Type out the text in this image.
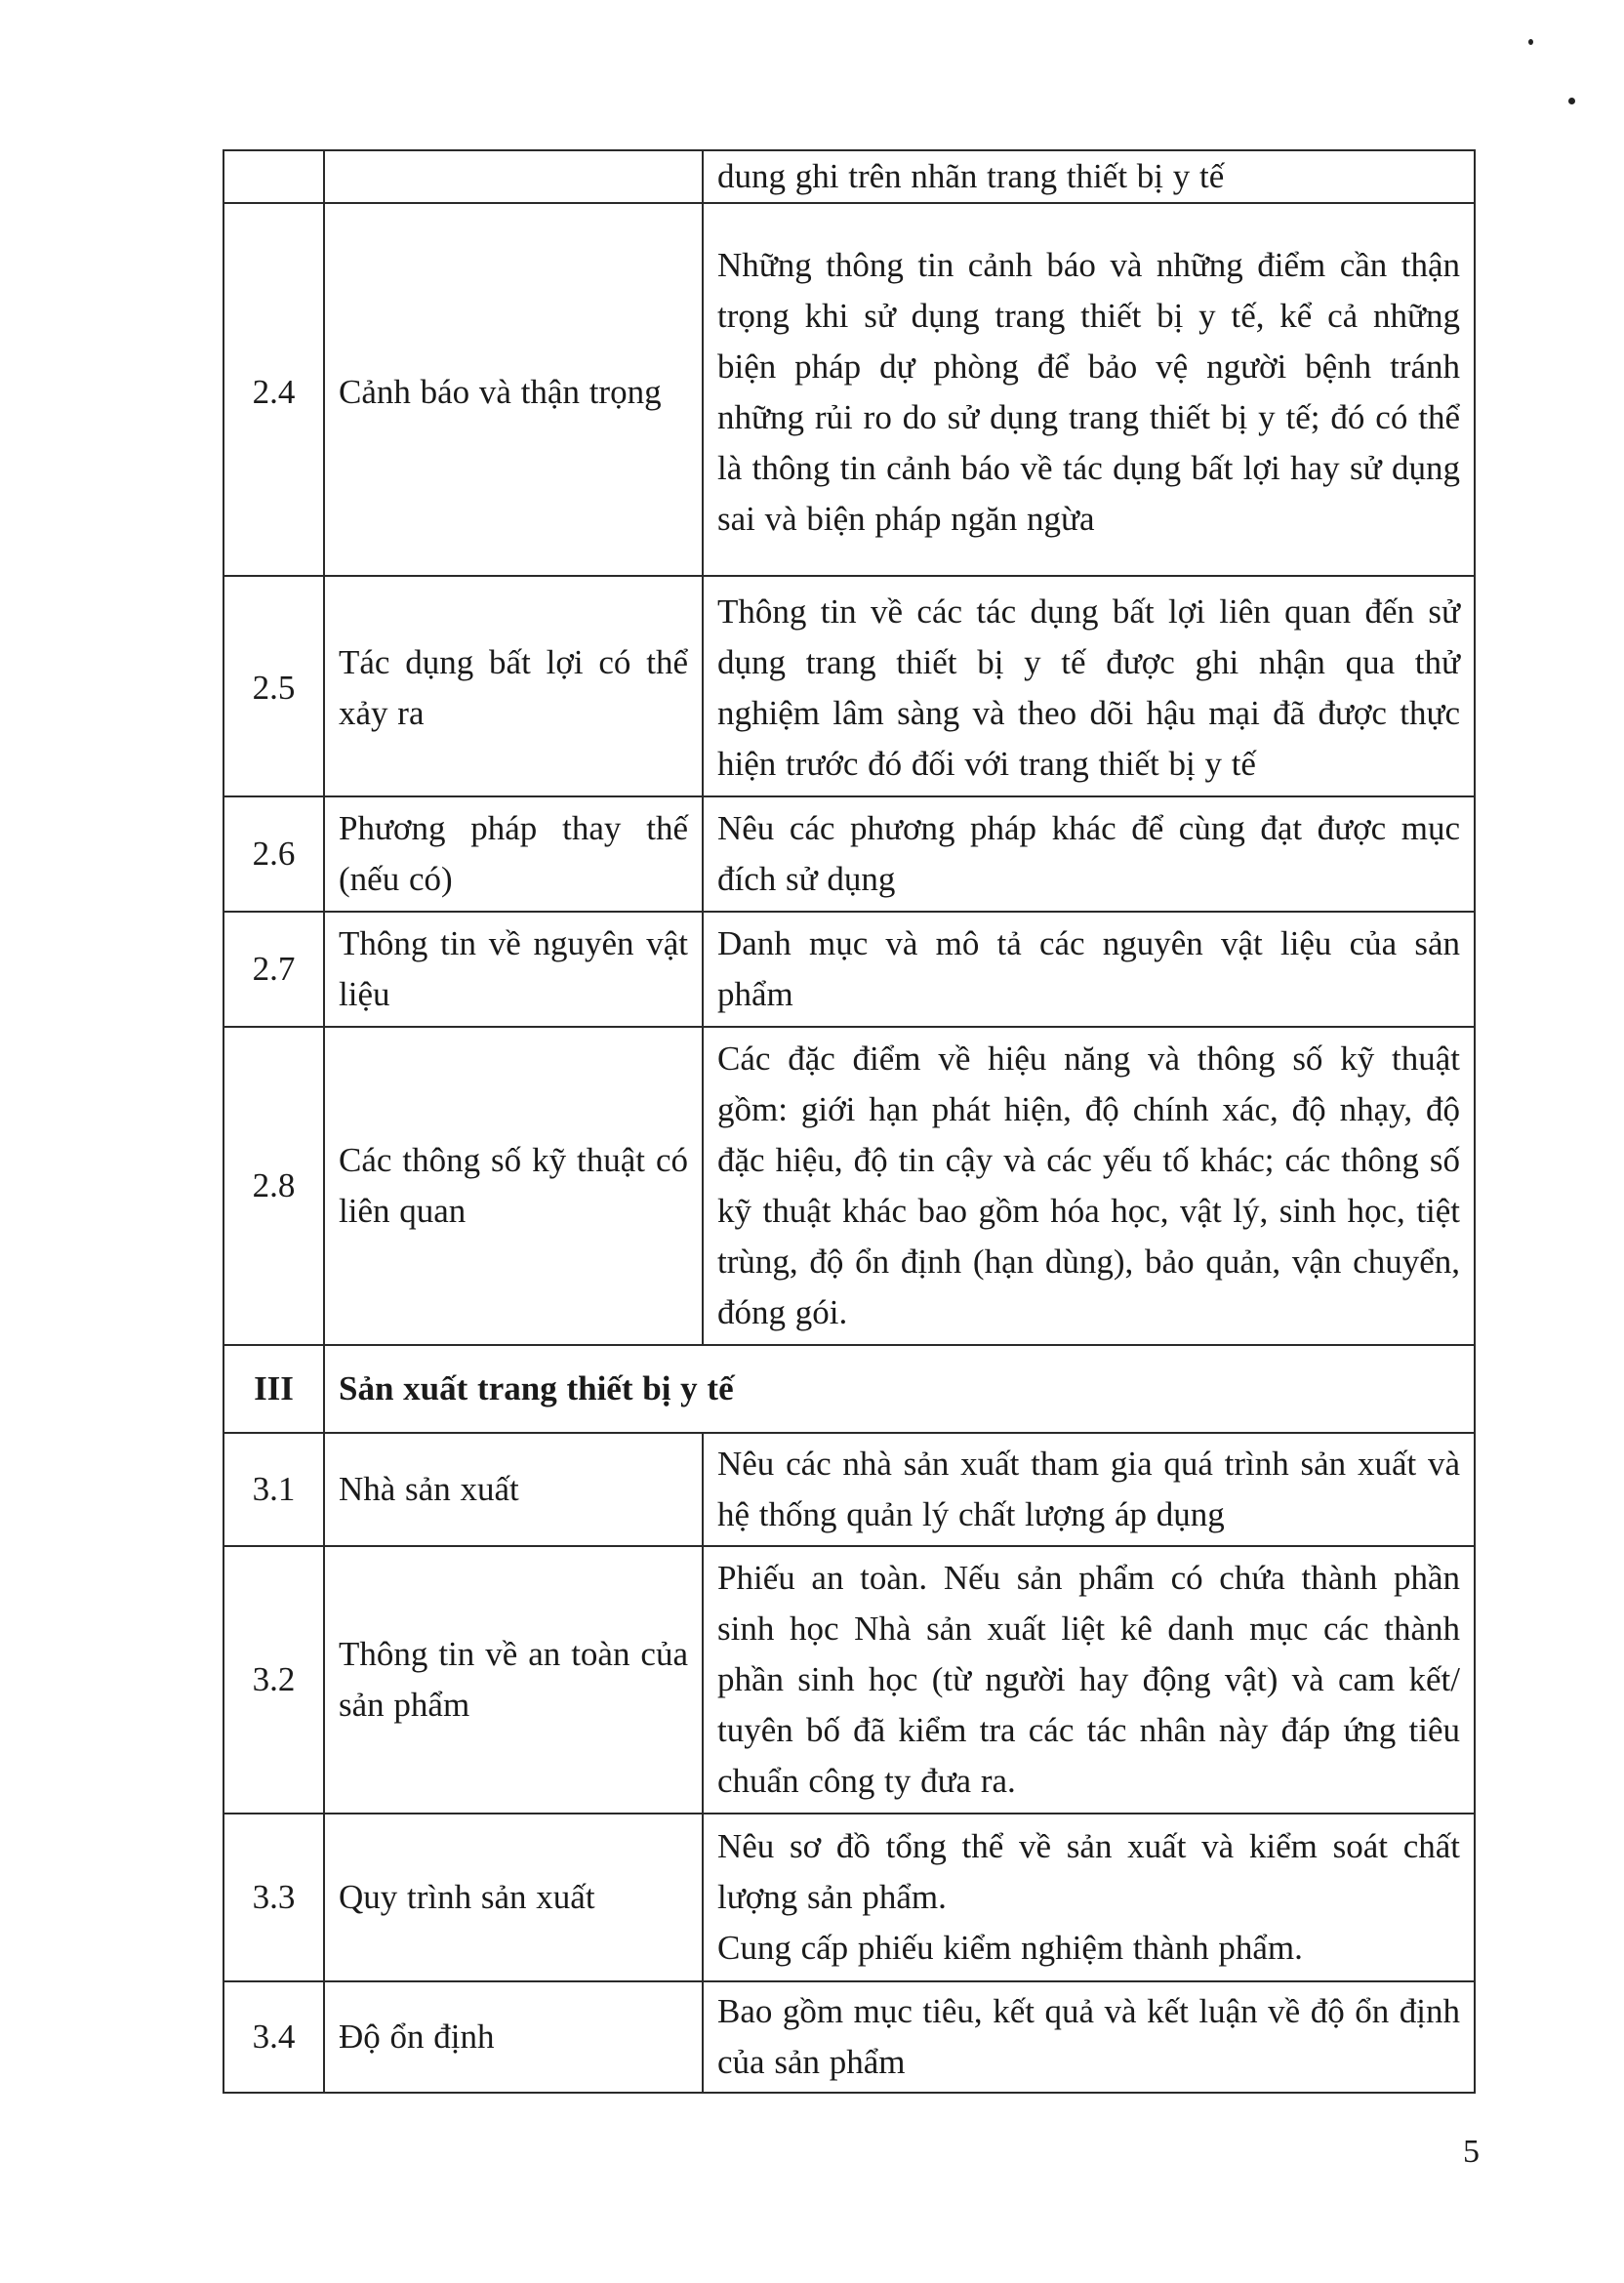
		dung ghi trên nhãn trang thiết bị y tế
2.4	Cảnh báo và thận trọng	Những thông tin cảnh báo và những điểm cần thận trọng khi sử dụng trang thiết bị y tế, kể cả những biện pháp dự phòng để bảo vệ người bệnh tránh những rủi ro do sử dụng trang thiết bị y tế; đó có thể là thông tin cảnh báo về tác dụng bất lợi hay sử dụng sai và biện pháp ngăn ngừa
2.5	Tác dụng bất lợi có thể xảy ra	Thông tin về các tác dụng bất lợi liên quan đến sử dụng trang thiết bị y tế được ghi nhận qua thử nghiệm lâm sàng và theo dõi hậu mại đã được thực hiện trước đó đối với trang thiết bị y tế
2.6	Phương pháp thay thế (nếu có)	Nêu các phương pháp khác để cùng đạt được mục đích sử dụng
2.7	Thông tin về nguyên vật liệu	Danh mục và mô tả các nguyên vật liệu của sản phẩm
2.8	Các thông số kỹ thuật có liên quan	Các đặc điểm về hiệu năng và thông số kỹ thuật gồm: giới hạn phát hiện, độ chính xác, độ nhạy, độ đặc hiệu, độ tin cậy và các yếu tố khác; các thông số kỹ thuật khác bao gồm hóa học, vật lý, sinh học, tiệt trùng, độ ổn định (hạn dùng), bảo quản, vận chuyển, đóng gói.
III	Sản xuất trang thiết bị y tế	
3.1	Nhà sản xuất	Nêu các nhà sản xuất tham gia quá trình sản xuất và hệ thống quản lý chất lượng áp dụng
3.2	Thông tin về an toàn của sản phẩm	Phiếu an toàn. Nếu sản phẩm có chứa thành phần sinh học Nhà sản xuất liệt kê danh mục các thành phần sinh học (từ người hay động vật) và cam kết/ tuyên bố đã kiểm tra các tác nhân này đáp ứng tiêu chuẩn công ty đưa ra.
3.3	Quy trình sản xuất	Nêu sơ đồ tổng thể về sản xuất và kiểm soát chất lượng sản phẩm.
Cung cấp phiếu kiểm nghiệm thành phẩm.

3.4	Độ ổn định	Bao gồm mục tiêu, kết quả và kết luận về độ ổn định của sản phẩm
5
